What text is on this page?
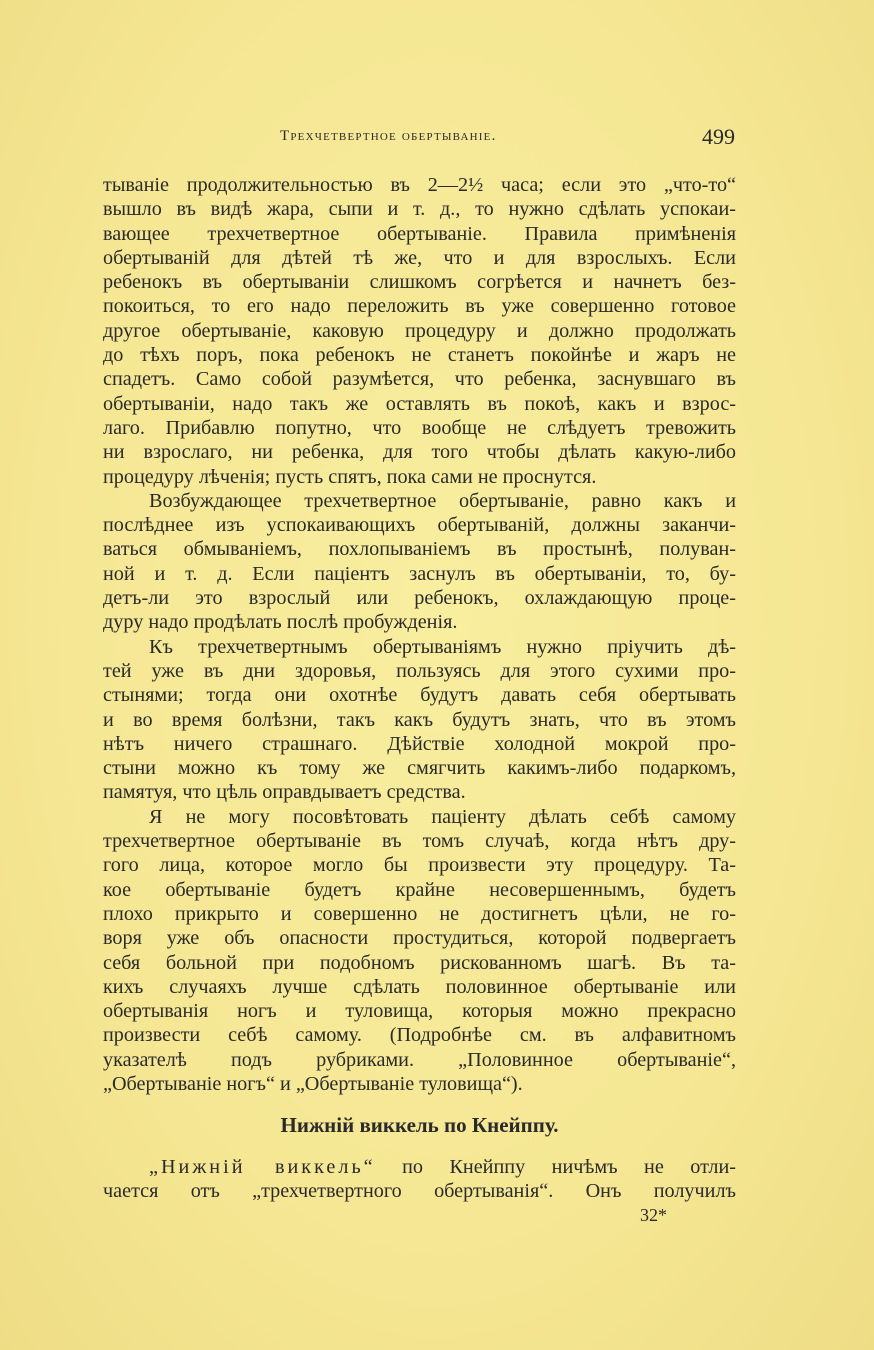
Трехчетвертное обертываніе.	499
тываніе продолжительностью въ 2—2½ часа; если это „что-то“
вышло въ видѣ жара, сыпи и т. д., то нужно сдѣлать успокаи-
вающее трехчетвертное обертываніе. Правила примѣненія
обертываній для дѣтей тѣ же, что и для взрослыхъ. Если
ребенокъ въ обертываніи слишкомъ согрѣется и начнетъ без-
покоиться, то его надо переложить въ уже совершенно готовое
другое обертываніе, каковую процедуру и должно продолжать
до тѣхъ поръ, пока ребенокъ не станетъ покойнѣе и жаръ не
спадетъ. Само собой разумѣется, что ребенка, заснувшаго въ
обертываніи, надо такъ же оставлять въ покоѣ, какъ и взрос-
лаго. Прибавлю попутно, что вообще не слѣдуетъ тревожить
ни взрослаго, ни ребенка, для того чтобы дѣлать какую-либо
процедуру лѣченія; пусть спятъ, пока сами не проснутся.
Возбуждающее трехчетвертное обертываніе, равно какъ и
послѣднее изъ успокаивающихъ обертываній, должны заканчи-
ваться обмываніемъ, похлопываніемъ въ простынѣ, полуван-
ной и т. д. Если паціентъ заснулъ въ обертываніи, то, бу-
детъ-ли это взрослый или ребенокъ, охлаждающую проце-
дуру надо продѣлать послѣ пробужденія.
Къ трехчетвертнымъ обертываніямъ нужно пріучить дѣ-
тей уже въ дни здоровья, пользуясь для этого сухими про-
стынями; тогда они охотнѣе будутъ давать себя обертывать
и во время болѣзни, такъ какъ будутъ знать, что въ этомъ
нѣтъ ничего страшнаго. Дѣйствіе холодной мокрой про-
стыни можно къ тому же смягчить какимъ-либо подаркомъ,
памятуя, что цѣль оправдываетъ средства.
Я не могу посовѣтовать паціенту дѣлать себѣ самому
трехчетвертное обертываніе въ томъ случаѣ, когда нѣтъ дру-
гого лица, которое могло бы произвести эту процедуру. Та-
кое обертываніе будетъ крайне несовершеннымъ, будетъ
плохо прикрыто и совершенно не достигнетъ цѣли, не го-
воря уже объ опасности простудиться, которой подвергаетъ
себя больной при подобномъ рискованномъ шагѣ. Въ та-
кихъ случаяхъ лучше сдѣлать половинное обертываніе или
обертыванія ногъ и туловища, которыя можно прекрасно
произвести себѣ самому. (Подробнѣе см. въ алфавитномъ
указателѣ подъ рубриками. „Половинное обертываніе“,
„Обертываніе ногъ“ и „Обертываніе туловища“).
Нижній виккель по Кнейппу.
„Нижній виккель“ по Кнейппу ничѣмъ не отли-
чается отъ „трехчетвертного обертыванія“. Онъ получилъ
32*
